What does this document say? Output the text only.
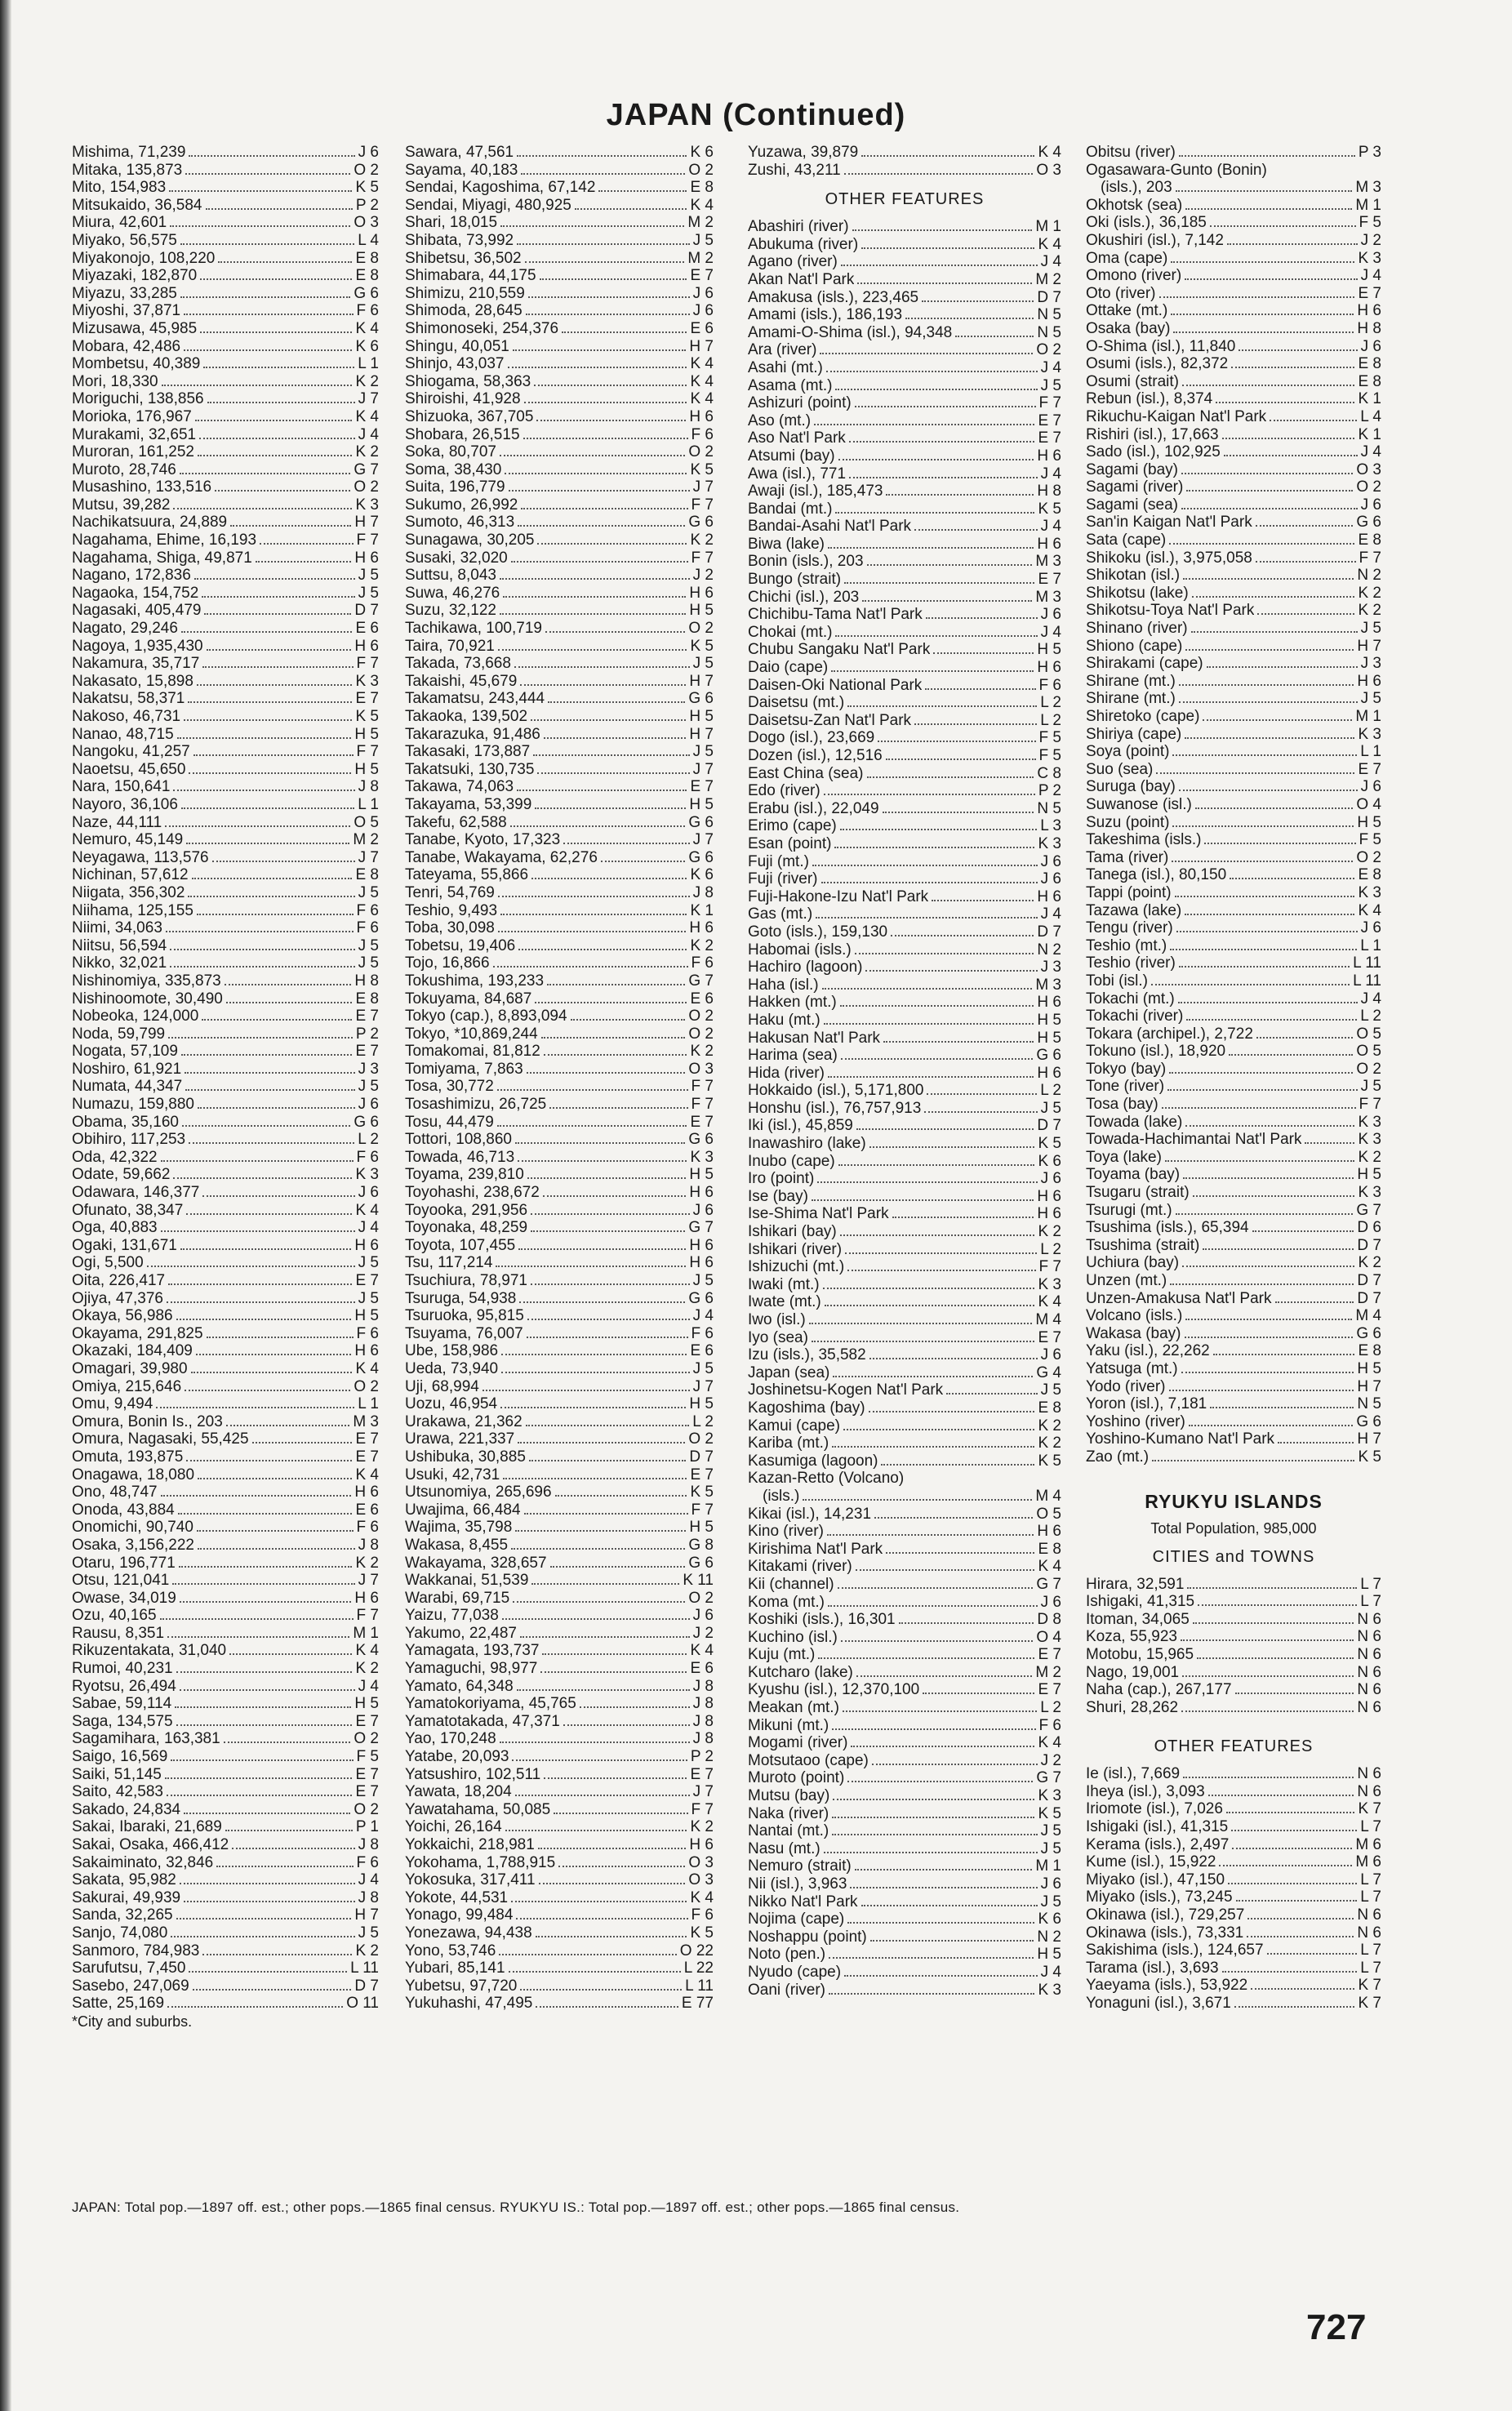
JAPAN (Continued)
Mishima, 71,239	J 6
Mitaka, 135,873	O 2
Mito, 154,983	K 5
Mitsukaido, 36,584	P 2
Miura, 42,601	O 3
Miyako, 56,575	L 4
Miyakonojo, 108,220	E 8
Miyazaki, 182,870	E 8
Miyazu, 33,285	G 6
Miyoshi, 37,871	F 6
Mizusawa, 45,985	K 4
Mobara, 42,486	K 6
Mombetsu, 40,389	L 1
Mori, 18,330	K 2
Moriguchi, 138,856	J 7
Morioka, 176,967	K 4
Murakami, 32,651	J 4
Muroran, 161,252	K 2
Muroto, 28,746	G 7
Musashino, 133,516	O 2
Mutsu, 39,282	K 3
Nachikatsuura, 24,889	H 7
Nagahama, Ehime, 16,193	F 7
Nagahama, Shiga, 49,871	H 6
Nagano, 172,836	J 5
Nagaoka, 154,752	J 5
Nagasaki, 405,479	D 7
Nagato, 29,246	E 6
Nagoya, 1,935,430	H 6
Nakamura, 35,717	F 7
Nakasato, 15,898	K 3
Nakatsu, 58,371	E 7
Nakoso, 46,731	K 5
Nanao, 48,715	H 5
Nangoku, 41,257	F 7
Naoetsu, 45,650	H 5
Nara, 150,641	J 8
Nayoro, 36,106	L 1
Naze, 44,111	O 5
Nemuro, 45,149	M 2
Neyagawa, 113,576	J 7
Nichinan, 57,612	E 8
Niigata, 356,302	J 5
Niihama, 125,155	F 6
Niimi, 34,063	F 6
Niitsu, 56,594	J 5
Nikko, 32,021	J 5
Nishinomiya, 335,873	H 8
Nishinoomote, 30,490	E 8
Nobeoka, 124,000	E 7
Noda, 59,799	P 2
Nogata, 57,109	E 7
Noshiro, 61,921	J 3
Numata, 44,347	J 5
Numazu, 159,880	J 6
Obama, 35,160	G 6
Obihiro, 117,253	L 2
Oda, 42,322	F 6
Odate, 59,662	K 3
Odawara, 146,377	J 6
Ofunato, 38,347	K 4
Oga, 40,883	J 4
Ogaki, 131,671	H 6
Ogi, 5,500	J 5
Oita, 226,417	E 7
Ojiya, 47,376	J 5
Okaya, 56,986	H 5
Okayama, 291,825	F 6
Okazaki, 184,409	H 6
Omagari, 39,980	K 4
Omiya, 215,646	O 2
Omu, 9,494	L 1
Omura, Bonin Is., 203	M 3
Omura, Nagasaki, 55,425	E 7
Omuta, 193,875	E 7
Onagawa, 18,080	K 4
Ono, 48,747	H 6
Onoda, 43,884	E 6
Onomichi, 90,740	F 6
Osaka, 3,156,222	J 8
Otaru, 196,771	K 2
Otsu, 121,041	J 7
Owase, 34,019	H 6
Ozu, 40,165	F 7
Rausu, 8,351	M 1
Rikuzentakata, 31,040	K 4
Rumoi, 40,231	K 2
Ryotsu, 26,494	J 4
Sabae, 59,114	H 5
Saga, 134,575	E 7
Sagamihara, 163,381	O 2
Saigo, 16,569	F 5
Saiki, 51,145	E 7
Saito, 42,583	E 7
Sakado, 24,834	O 2
Sakai, Ibaraki, 21,689	P 1
Sakai, Osaka, 466,412	J 8
Sakaiminato, 32,846	F 6
Sakata, 95,982	J 4
Sakurai, 49,939	J 8
Sanda, 32,265	H 7
Sanjo, 74,080	J 5
Sanmoro, 784,983	K 2
Sarufutsu, 7,450	L 11
Sasebo, 247,069	D 7
Satte, 25,169	O 11
*City and suburbs.
Sawara, 47,561	K 6
Sayama, 40,183	O 2
Sendai, Kagoshima, 67,142	E 8
Sendai, Miyagi, 480,925	K 4
Shari, 18,015	M 2
Shibata, 73,992	J 5
Shibetsu, 36,502	M 2
Shimabara, 44,175	E 7
Shimizu, 210,559	J 6
Shimoda, 28,645	J 6
Shimonoseki, 254,376	E 6
Shingu, 40,051	H 7
Shinjo, 43,037	K 4
Shiogama, 58,363	K 4
Shiroishi, 41,928	K 4
Shizuoka, 367,705	H 6
Shobara, 26,515	F 6
Soka, 80,707	O 2
Soma, 38,430	K 5
Suita, 196,779	J 7
Sukumo, 26,992	F 7
Sumoto, 46,313	G 6
Sunagawa, 30,205	K 2
Susaki, 32,020	F 7
Suttsu, 8,043	J 2
Suwa, 46,276	H 6
Suzu, 32,122	H 5
Tachikawa, 100,719	O 2
Taira, 70,921	K 5
Takada, 73,668	J 5
Takaishi, 45,679	H 7
Takamatsu, 243,444	G 6
Takaoka, 139,502	H 5
Takarazuka, 91,486	H 7
Takasaki, 173,887	J 5
Takatsuki, 130,735	J 7
Takawa, 74,063	E 7
Takayama, 53,399	H 5
Takefu, 62,588	G 6
Tanabe, Kyoto, 17,323	J 7
Tanabe, Wakayama, 62,276	G 6
Tateyama, 55,866	K 6
Tenri, 54,769	J 8
Teshio, 9,493	K 1
Toba, 30,098	H 6
Tobetsu, 19,406	K 2
Tojo, 16,866	F 6
Tokushima, 193,233	G 7
Tokuyama, 84,687	E 6
Tokyo (cap.), 8,893,094	O 2
Tokyo, *10,869,244	O 2
Tomakomai, 81,812	K 2
Tomiyama, 7,863	O 3
Tosa, 30,772	F 7
Tosashimizu, 26,725	F 7
Tosu, 44,479	E 7
Tottori, 108,860	G 6
Towada, 46,713	K 3
Toyama, 239,810	H 5
Toyohashi, 238,672	H 6
Toyooka, 291,956	J 6
Toyonaka, 48,259	G 7
Toyota, 107,455	H 6
Tsu, 117,214	H 6
Tsuchiura, 78,971	J 5
Tsuruga, 54,938	G 6
Tsuruoka, 95,815	J 4
Tsuyama, 76,007	F 6
Ube, 158,986	E 6
Ueda, 73,940	J 5
Uji, 68,994	J 7
Uozu, 46,954	H 5
Urakawa, 21,362	L 2
Urawa, 221,337	O 2
Ushibuka, 30,885	D 7
Usuki, 42,731	E 7
Utsunomiya, 265,696	K 5
Uwajima, 66,484	F 7
Wajima, 35,798	H 5
Wakasa, 8,455	G 8
Wakayama, 328,657	G 6
Wakkanai, 51,539	K 11
Warabi, 69,715	O 2
Yaizu, 77,038	J 6
Yakumo, 22,487	J 2
Yamagata, 193,737	K 4
Yamaguchi, 98,977	E 6
Yamato, 64,348	J 8
Yamatokoriyama, 45,765	J 8
Yamatotakada, 47,371	J 8
Yao, 170,248	J 8
Yatabe, 20,093	P 2
Yatsushiro, 102,511	E 7
Yawata, 18,204	J 7
Yawatahama, 50,085	F 7
Yoichi, 26,164	K 2
Yokkaichi, 218,981	H 6
Yokohama, 1,788,915	O 3
Yokosuka, 317,411	O 3
Yokote, 44,531	K 4
Yonago, 99,484	F 6
Yonezawa, 94,438	K 5
Yono, 53,746	O 22
Yubari, 85,141	L 22
Yubetsu, 97,720	L 11
Yukuhashi, 47,495	E 77
Yuzawa, 39,879	K 4
Zushi, 43,211	O 3
OTHER FEATURES
Abashiri (river)	M 1
Abukuma (river)	K 4
Agano (river)	J 4
Akan Nat'l Park	M 2
Amakusa (isls.), 223,465	D 7
Amami (isls.), 186,193	N 5
Amami-O-Shima (isl.), 94,348	N 5
Ara (river)	O 2
Asahi (mt.)	J 4
Asama (mt.)	J 5
Ashizuri (point)	F 7
Aso (mt.)	E 7
Aso Nat'l Park	E 7
Atsumi (bay)	H 6
Awa (isl.), 771	J 4
Awaji (isl.), 185,473	H 8
Bandai (mt.)	K 5
Bandai-Asahi Nat'l Park	J 4
Biwa (lake)	H 6
Bonin (isls.), 203	M 3
Bungo (strait)	E 7
Chichi (isl.), 203	M 3
Chichibu-Tama Nat'l Park	J 6
Chokai (mt.)	J 4
Chubu Sangaku Nat'l Park	H 5
Daio (cape)	H 6
Daisen-Oki National Park	F 6
Daisetsu (mt.)	L 2
Daisetsu-Zan Nat'l Park	L 2
Dogo (isl.), 23,669	F 5
Dozen (isl.), 12,516	F 5
East China (sea)	C 8
Edo (river)	P 2
Erabu (isl.), 22,049	N 5
Erimo (cape)	L 3
Esan (point)	K 3
Fuji (mt.)	J 6
Fuji (river)	J 6
Fuji-Hakone-Izu Nat'l Park	H 6
Gas (mt.)	J 4
Goto (isls.), 159,130	D 7
Habomai (isls.)	N 2
Hachiro (lagoon)	J 3
Haha (isl.)	M 3
Hakken (mt.)	H 6
Haku (mt.)	H 5
Hakusan Nat'l Park	H 5
Harima (sea)	G 6
Hida (river)	H 6
Hokkaido (isl.), 5,171,800	L 2
Honshu (isl.), 76,757,913	J 5
Iki (isl.), 45,859	D 7
Inawashiro (lake)	K 5
Inubo (cape)	K 6
Iro (point)	J 6
Ise (bay)	H 6
Ise-Shima Nat'l Park	H 6
Ishikari (bay)	K 2
Ishikari (river)	L 2
Ishizuchi (mt.)	F 7
Iwaki (mt.)	K 3
Iwate (mt.)	K 4
Iwo (isl.)	M 4
Iyo (sea)	E 7
Izu (isls.), 35,582	J 6
Japan (sea)	G 4
Joshinetsu-Kogen Nat'l Park	J 5
Kagoshima (bay)	E 8
Kamui (cape)	K 2
Kariba (mt.)	K 2
Kasumiga (lagoon)	K 5
Kazan-Retto (Volcano)
(isls.)	M 4
Kikai (isl.), 14,231	O 5
Kino (river)	H 6
Kirishima Nat'l Park	E 8
Kitakami (river)	K 4
Kii (channel)	G 7
Koma (mt.)	J 6
Koshiki (isls.), 16,301	D 8
Kuchino (isl.)	O 4
Kuju (mt.)	E 7
Kutcharo (lake)	M 2
Kyushu (isl.), 12,370,100	E 7
Meakan (mt.)	L 2
Mikuni (mt.)	F 6
Mogami (river)	K 4
Motsutaoo (cape)	J 2
Muroto (point)	G 7
Mutsu (bay)	K 3
Naka (river)	K 5
Nantai (mt.)	J 5
Nasu (mt.)	J 5
Nemuro (strait)	M 1
Nii (isl.), 3,963	J 6
Nikko Nat'l Park	J 5
Nojima (cape)	K 6
Noshappu (point)	N 2
Noto (pen.)	H 5
Nyudo (cape)	J 4
Oani (river)	K 3
Obitsu (river)	P 3
Ogasawara-Gunto (Bonin)
(isls.), 203	M 3
Okhotsk (sea)	M 1
Oki (isls.), 36,185	F 5
Okushiri (isl.), 7,142	J 2
Oma (cape)	K 3
Omono (river)	J 4
Oto (river)	E 7
Ottake (mt.)	H 6
Osaka (bay)	H 8
O-Shima (isl.), 11,840	J 6
Osumi (isls.), 82,372	E 8
Osumi (strait)	E 8
Rebun (isl.), 8,374	K 1
Rikuchu-Kaigan Nat'l Park	L 4
Rishiri (isl.), 17,663	K 1
Sado (isl.), 102,925	J 4
Sagami (bay)	O 3
Sagami (river)	O 2
Sagami (sea)	J 6
San'in Kaigan Nat'l Park	G 6
Sata (cape)	E 8
Shikoku (isl.), 3,975,058	F 7
Shikotan (isl.)	N 2
Shikotsu (lake)	K 2
Shikotsu-Toya Nat'l Park	K 2
Shinano (river)	J 5
Shiono (cape)	H 7
Shirakami (cape)	J 3
Shirane (mt.)	H 6
Shirane (mt.)	J 5
Shiretoko (cape)	M 1
Shiriya (cape)	K 3
Soya (point)	L 1
Suo (sea)	E 7
Suruga (bay)	J 6
Suwanose (isl.)	O 4
Suzu (point)	H 5
Takeshima (isls.)	F 5
Tama (river)	O 2
Tanega (isl.), 80,150	E 8
Tappi (point)	K 3
Tazawa (lake)	K 4
Tengu (river)	J 6
Teshio (mt.)	L 1
Teshio (river)	L 11
Tobi (isl.)	L 11
Tokachi (mt.)	J 4
Tokachi (river)	L 2
Tokara (archipel.), 2,722	O 5
Tokuno (isl.), 18,920	O 5
Tokyo (bay)	O 2
Tone (river)	J 5
Tosa (bay)	F 7
Towada (lake)	K 3
Towada-Hachimantai Nat'l Park	K 3
Toya (lake)	K 2
Toyama (bay)	H 5
Tsugaru (strait)	K 3
Tsurugi (mt.)	G 7
Tsushima (isls.), 65,394	D 6
Tsushima (strait)	D 7
Uchiura (bay)	K 2
Unzen (mt.)	D 7
Unzen-Amakusa Nat'l Park	D 7
Volcano (isls.)	M 4
Wakasa (bay)	G 6
Yaku (isl.), 22,262	E 8
Yatsuga (mt.)	H 5
Yodo (river)	H 7
Yoron (isl.), 7,181	N 5
Yoshino (river)	G 6
Yoshino-Kumano Nat'l Park	H 7
Zao (mt.)	K 5
RYUKYU ISLANDS
Total Population, 985,000
CITIES and TOWNS
Hirara, 32,591	L 7
Ishigaki, 41,315	L 7
Itoman, 34,065	N 6
Koza, 55,923	N 6
Motobu, 15,965	N 6
Nago, 19,001	N 6
Naha (cap.), 267,177	N 6
Shuri, 28,262	N 6
OTHER FEATURES
Ie (isl.), 7,669	N 6
Iheya (isl.), 3,093	N 6
Iriomote (isl.), 7,026	K 7
Ishigaki (isl.), 41,315	L 7
Kerama (isls.), 2,497	M 6
Kume (isl.), 15,922	M 6
Miyako (isl.), 47,150	L 7
Miyako (isls.), 73,245	L 7
Okinawa (isl.), 729,257	N 6
Okinawa (isls.), 73,331	N 6
Sakishima (isls.), 124,657	L 7
Tarama (isl.), 3,693	L 7
Yaeyama (isls.), 53,922	K 7
Yonaguni (isl.), 3,671	K 7
JAPAN: Total pop.—1897 off. est.; other pops.—1865 final census. RYUKYU IS.: Total pop.—1897 off. est.; other pops.—1865 final census.
727
